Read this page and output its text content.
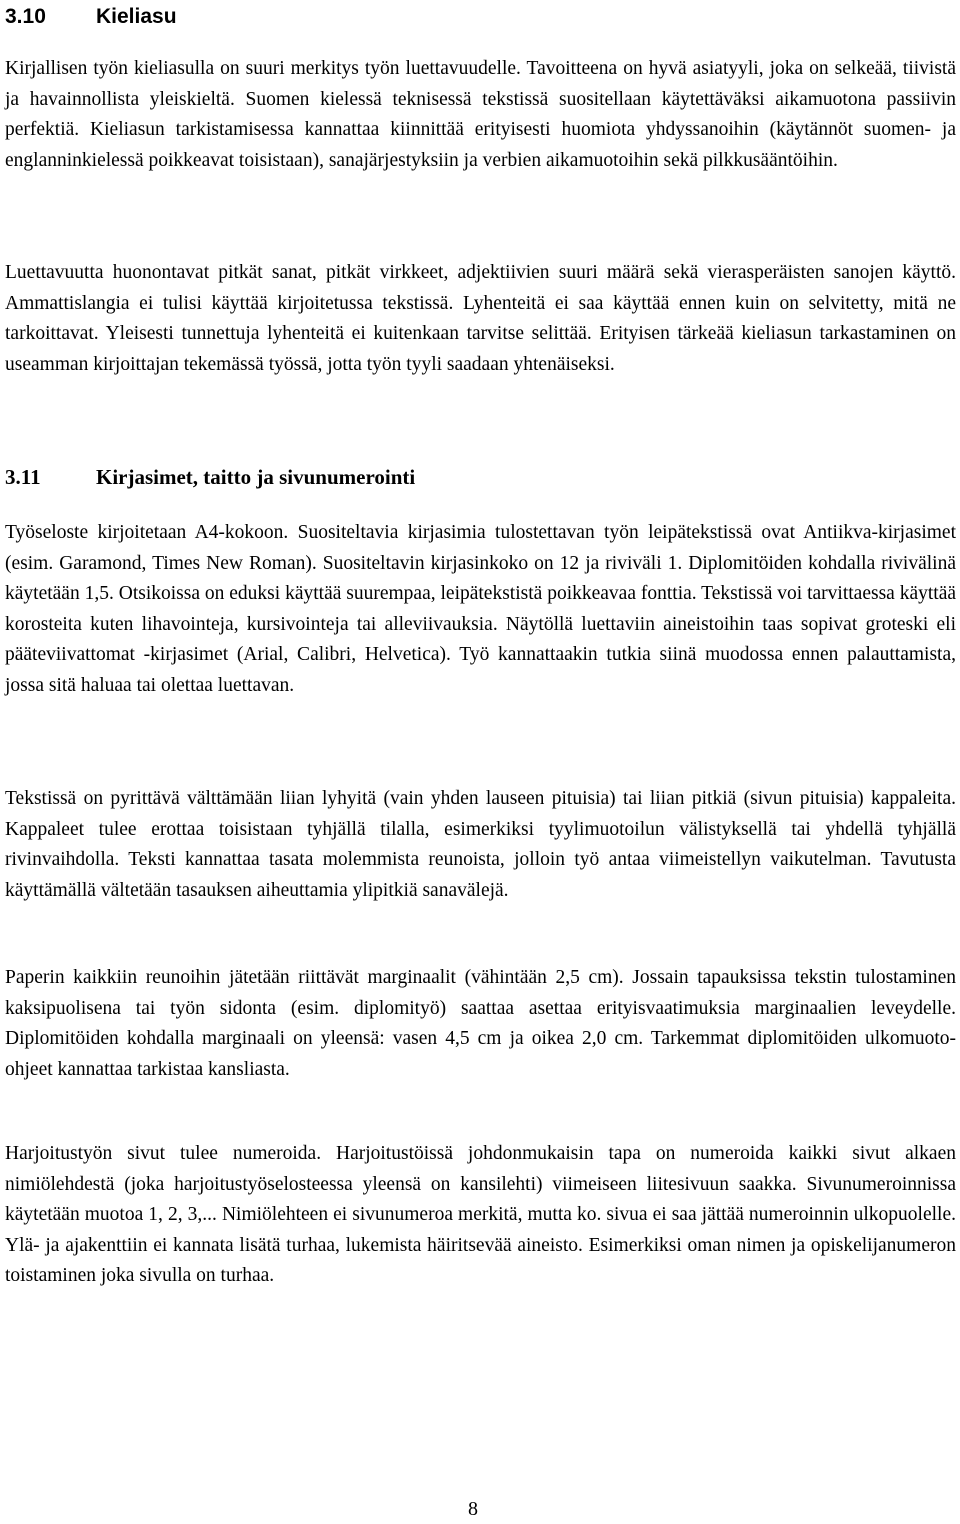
3.10	Kieliasu

Kirjallisen työn kieliasulla on suuri merkitys työn luettavuudelle. Tavoitteena on hyvä asiatyyli, joka on selkeää, tiivistä ja havainnollista yleiskieltä. Suomen kielessä teknisessä tekstissä suositellaan käytettäväksi aikamuotona passiivin perfektiä. Kieliasun tarkistamisessa kannattaa kiinnittää erityisesti huomiota yhdyssanoihin (käytännöt suomen- ja englanninkielessä poikkeavat toisistaan), sanajärjestyksiin ja verbien aikamuotoihin sekä pilkkusääntöihin.

Luettavuutta huonontavat pitkät sanat, pitkät virkkeet, adjektiivien suuri määrä sekä vierasperäisten sanojen käyttö. Ammattislangia ei tulisi käyttää kirjoitetussa tekstissä. Lyhenteitä ei saa käyttää ennen kuin on selvitetty, mitä ne tarkoittavat. Yleisesti tunnettuja lyhenteitä ei kuitenkaan tarvitse selittää. Erityisen tärkeää kieliasun tarkastaminen on useamman kirjoittajan tekemässä työssä, jotta työn tyyli saadaan yhtenäiseksi.

3.11	Kirjasimet, taitto ja sivunumerointi

Työseloste kirjoitetaan A4-kokoon. Suositeltavia kirjasimia tulostettavan työn leipätekstissä ovat Antiikva-kirjasimet (esim. Garamond, Times New Roman). Suositeltavin kirjasinkoko on 12 ja riviväli 1. Diplomitöiden kohdalla rivivälinä käytetään 1,5. Otsikoissa on eduksi käyttää suurempaa, leipätekstistä poikkeavaa fonttia. Tekstissä voi tarvittaessa käyttää korosteita kuten lihavointeja, kursivointeja tai alleviivauksia. Näytöllä luettaviin aineistoihin taas sopivat groteski eli pääteviivattomat -kirjasimet (Arial, Calibri, Helvetica). Työ kannattaakin tutkia siinä muodossa ennen palauttamista, jossa sitä haluaa tai olettaa luettavan.

Tekstissä on pyrittävä välttämään liian lyhyitä (vain yhden lauseen pituisia) tai liian pitkiä (sivun pituisia) kappaleita. Kappaleet tulee erottaa toisistaan tyhjällä tilalla, esimerkiksi tyylimuotoilun välistyksellä tai yhdellä tyhjällä rivinvaihdolla. Teksti kannattaa tasata molemmista reunoista, jolloin työ antaa viimeistellyn vaikutelman. Tavutusta käyttämällä vältetään tasauksen aiheuttamia ylipitkiä sanavälejä.

Paperin kaikkiin reunoihin jätetään riittävät marginaalit (vähintään 2,5 cm). Jossain tapauksissa tekstin tulostaminen kaksipuolisena tai työn sidonta (esim. diplomityö) saattaa asettaa erityisvaatimuksia marginaalien leveydelle. Diplomitöiden kohdalla marginaali on yleensä: vasen 4,5 cm ja oikea 2,0 cm. Tarkemmat diplomitöiden ulkomuoto-ohjeet kannattaa tarkistaa kansliasta.

Harjoitustyön sivut tulee numeroida. Harjoitustöissä johdonmukaisin tapa on numeroida kaikki sivut alkaen nimiölehdestä (joka harjoitustyöselosteessa yleensä on kansilehti) viimeiseen liitesivuun saakka. Sivunumeroinnissa käytetään muotoa 1, 2, 3,... Nimiölehteen ei sivunumeroa merkitä, mutta ko. sivua ei saa jättää numeroinnin ulkopuolelle. Ylä- ja ajakenttiin ei kannata lisätä turhaa, lukemista häiritsevää aineisto. Esimerkiksi oman nimen ja opiskelijanumeron toistaminen joka sivulla on turhaa.

8
